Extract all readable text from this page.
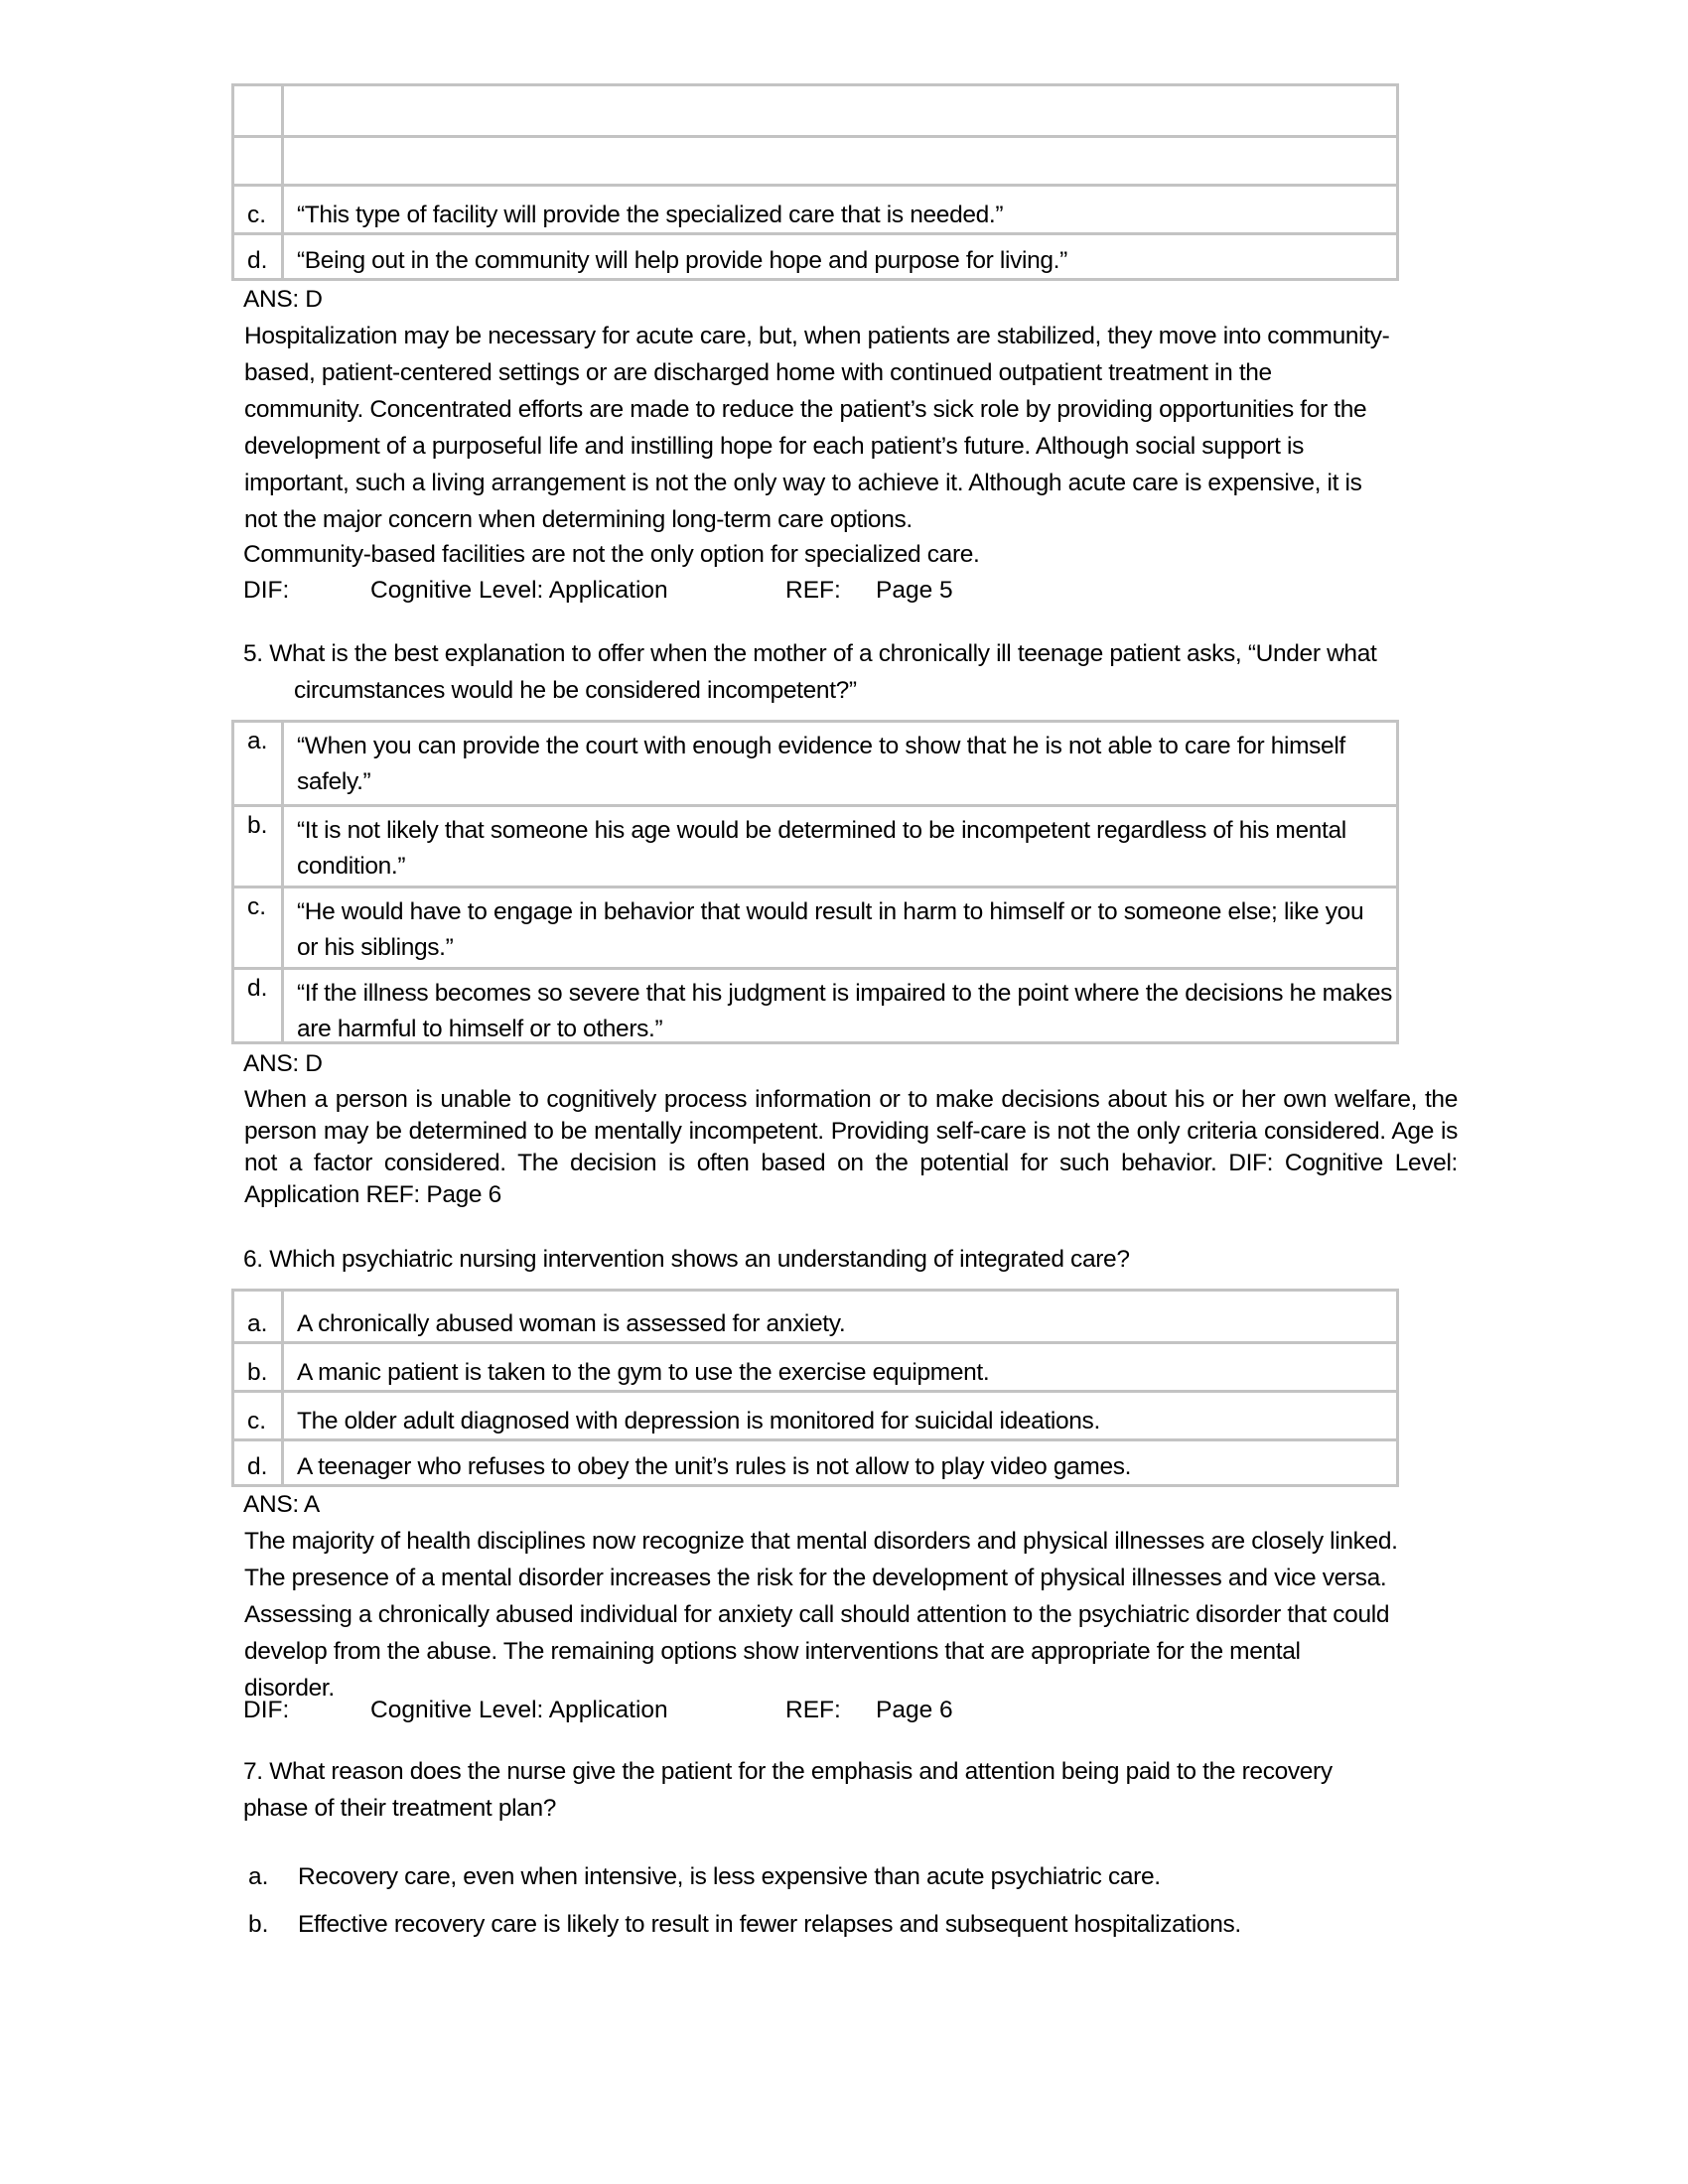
c. “This type of facility will provide the specialized care that is needed.”
d. “Being out in the community will help provide hope and purpose for living.”
ANS: D
Hospitalization may be necessary for acute care, but, when patients are stabilized, they move into community-
based, patient-centered settings or are discharged home with continued outpatient treatment in the
community. Concentrated efforts are made to reduce the patient’s sick role by providing opportunities for the
development of a purposeful life and instilling hope for each patient’s future. Although social support is
important, such a living arrangement is not the only way to achieve it. Although acute care is expensive, it is
not the major concern when determining long-term care options.
Community-based facilities are not the only option for specialized care.
DIF:	Cognitive Level: Application	REF: Page 5
5. What is the best explanation to offer when the mother of a chronically ill teenage patient asks, “Under what
circumstances would he be considered incompetent?”
a. “When you can provide the court with enough evidence to show that he is not able to care for himself
safely.”
b. “It is not likely that someone his age would be determined to be incompetent regardless of his mental
condition.”
c. “He would have to engage in behavior that would result in harm to himself or to someone else; like you
or his siblings.”
d. “If the illness becomes so severe that his judgment is impaired to the point where the decisions he makes
are harmful to himself or to others.”
ANS: D
When a person is unable to cognitively process information or to make decisions about his or her own welfare, the person may be determined to be mentally incompetent. Providing self-care is not the only criteria considered. Age is not a factor considered. The decision is often based on the potential for such behavior. DIF: Cognitive Level: Application REF: Page 6
6. Which psychiatric nursing intervention shows an understanding of integrated care?
a. A chronically abused woman is assessed for anxiety.
b. A manic patient is taken to the gym to use the exercise equipment.
c. The older adult diagnosed with depression is monitored for suicidal ideations.
d. A teenager who refuses to obey the unit’s rules is not allow to play video games.
ANS: A
The majority of health disciplines now recognize that mental disorders and physical illnesses are closely linked.
The presence of a mental disorder increases the risk for the development of physical illnesses and vice versa.
Assessing a chronically abused individual for anxiety call should attention to the psychiatric disorder that could
develop from the abuse. The remaining options show interventions that are appropriate for the mental
disorder.
DIF:	Cognitive Level: Application	REF: Page 6
7. What reason does the nurse give the patient for the emphasis and attention being paid to the recovery
phase of their treatment plan?
a. Recovery care, even when intensive, is less expensive than acute psychiatric care.
b. Effective recovery care is likely to result in fewer relapses and subsequent hospitalizations.
